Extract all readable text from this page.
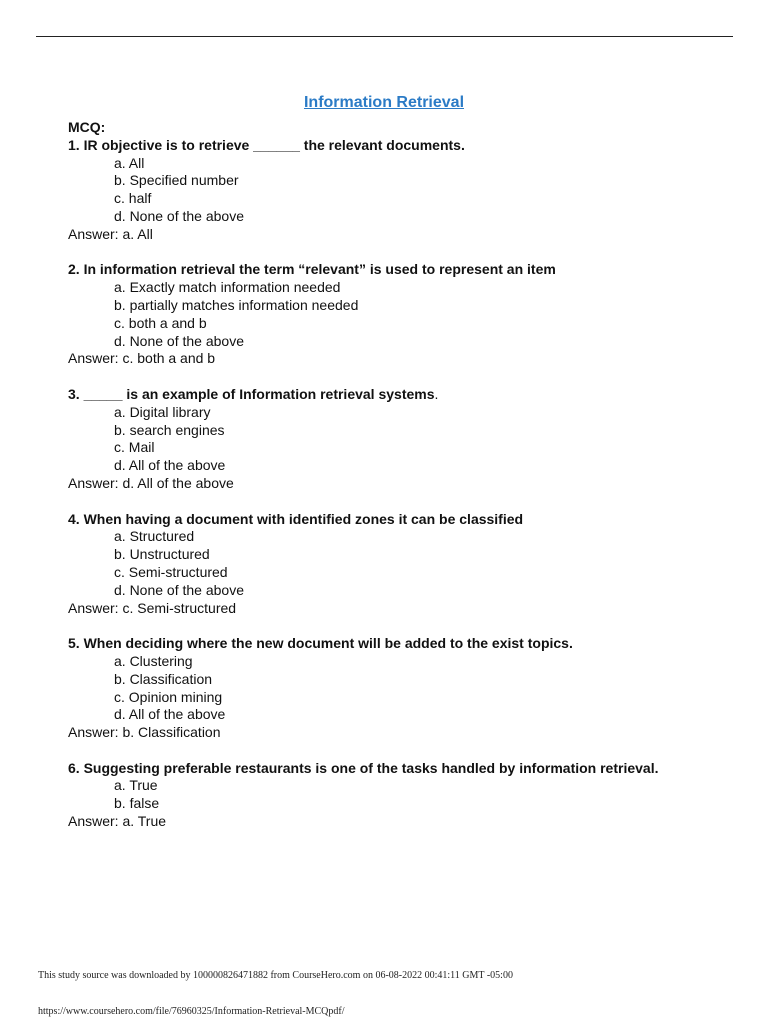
Information Retrieval

MCQ:

1. IR objective is to retrieve ______ the relevant documents.

a. All
b. Specified number
c. half
d. None of the above

Answer: a. All

2. In information retrieval the term “relevant” is used to represent an item

a. Exactly match information needed
b. partially matches information needed
c. both a and b
d. None of the above

Answer: c. both a and b

3. _____ is an example of Information retrieval systems.

a. Digital library
b. search engines
c. Mail
d. All of the above

Answer: d. All of the above

4. When having a document with identified zones it can be classified

a. Structured
b. Unstructured
c. Semi-structured
d. None of the above

Answer: c. Semi-structured

5. When deciding where the new document will be added to the exist topics.

a. Clustering
b. Classification
c. Opinion mining
d. All of the above

Answer: b. Classification

6. Suggesting preferable restaurants is one of the tasks handled by information retrieval.

a. True
b. false

Answer: a. True

This study source was downloaded by 100000826471882 from CourseHero.com on 06-08-2022 00:41:11 GMT -05:00
https://www.coursehero.com/file/76960325/Information-Retrieval-MCQpdf/
